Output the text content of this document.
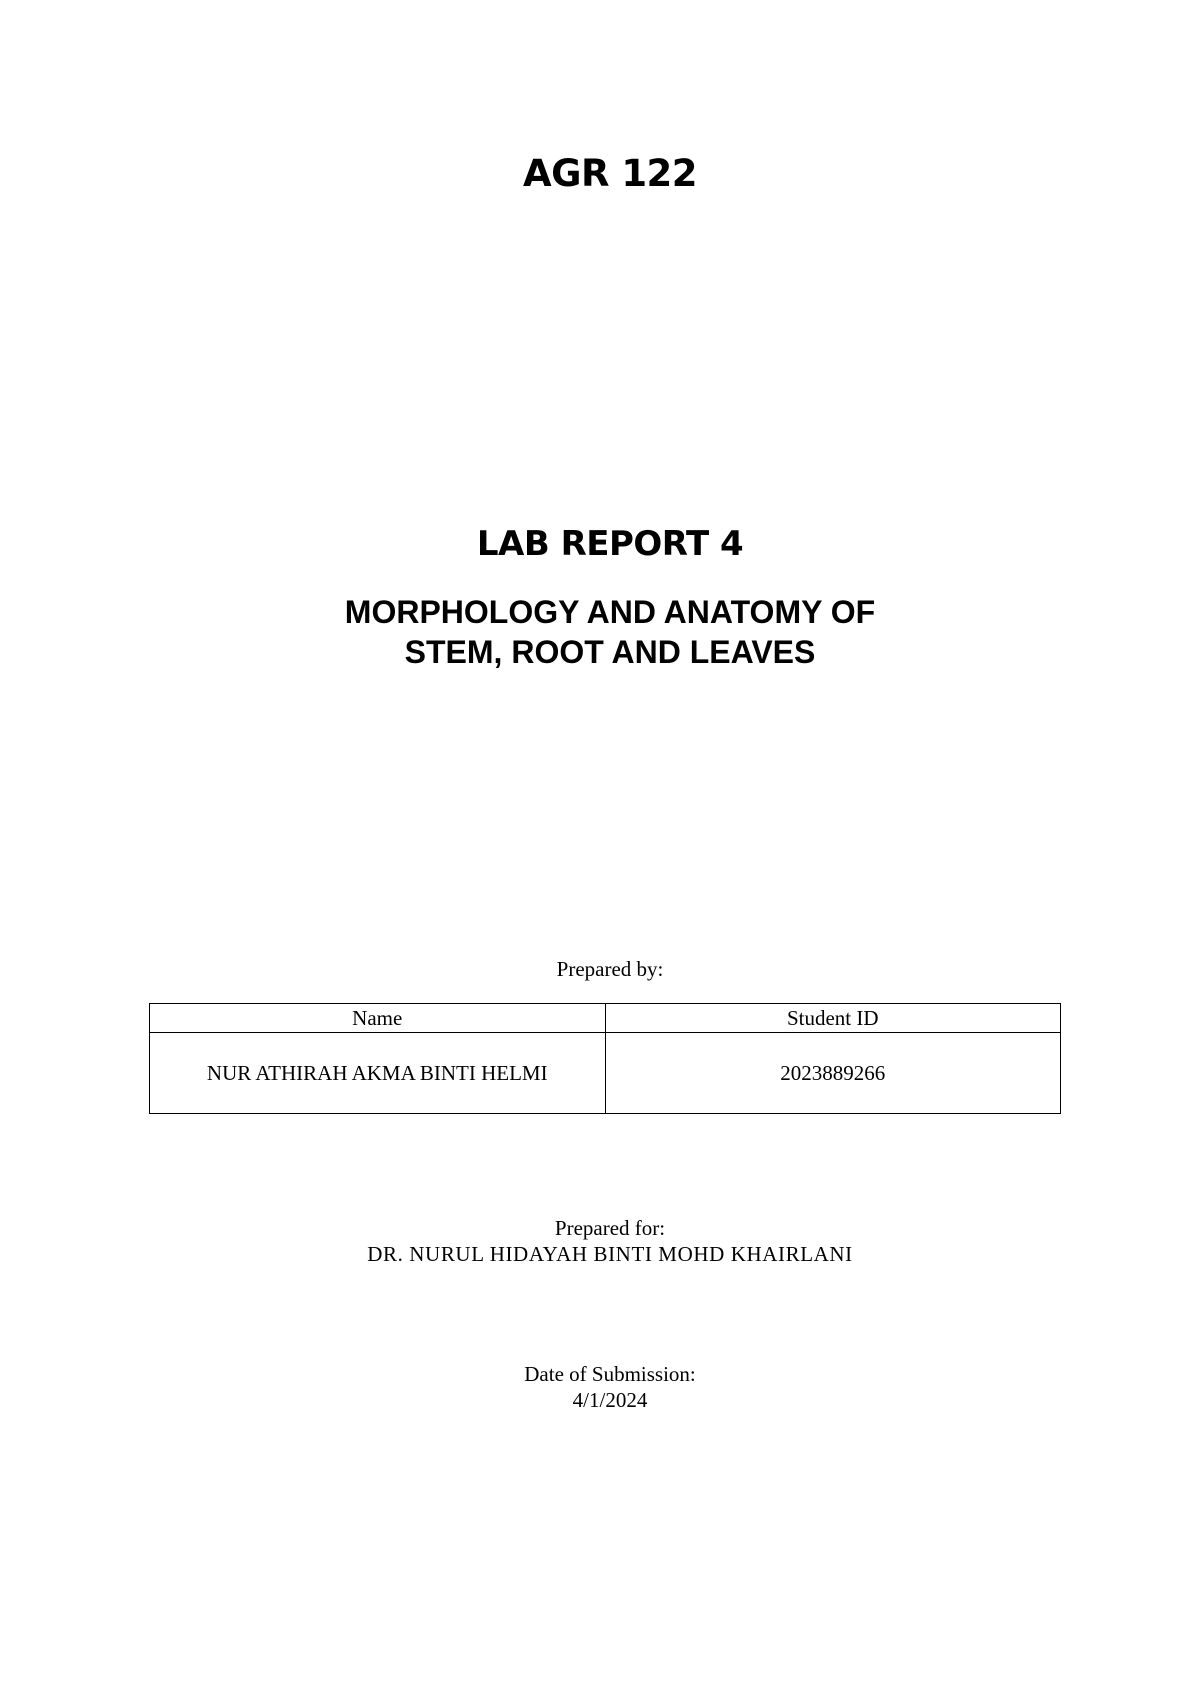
AGR 122
LAB REPORT 4
MORPHOLOGY AND ANATOMY OF
STEM, ROOT AND LEAVES
Prepared by:
Name	Student ID
NUR ATHIRAH AKMA BINTI HELMI	2023889266
Prepared for:
DR. NURUL HIDAYAH BINTI MOHD KHAIRLANI
Date of Submission:
4/1/2024
